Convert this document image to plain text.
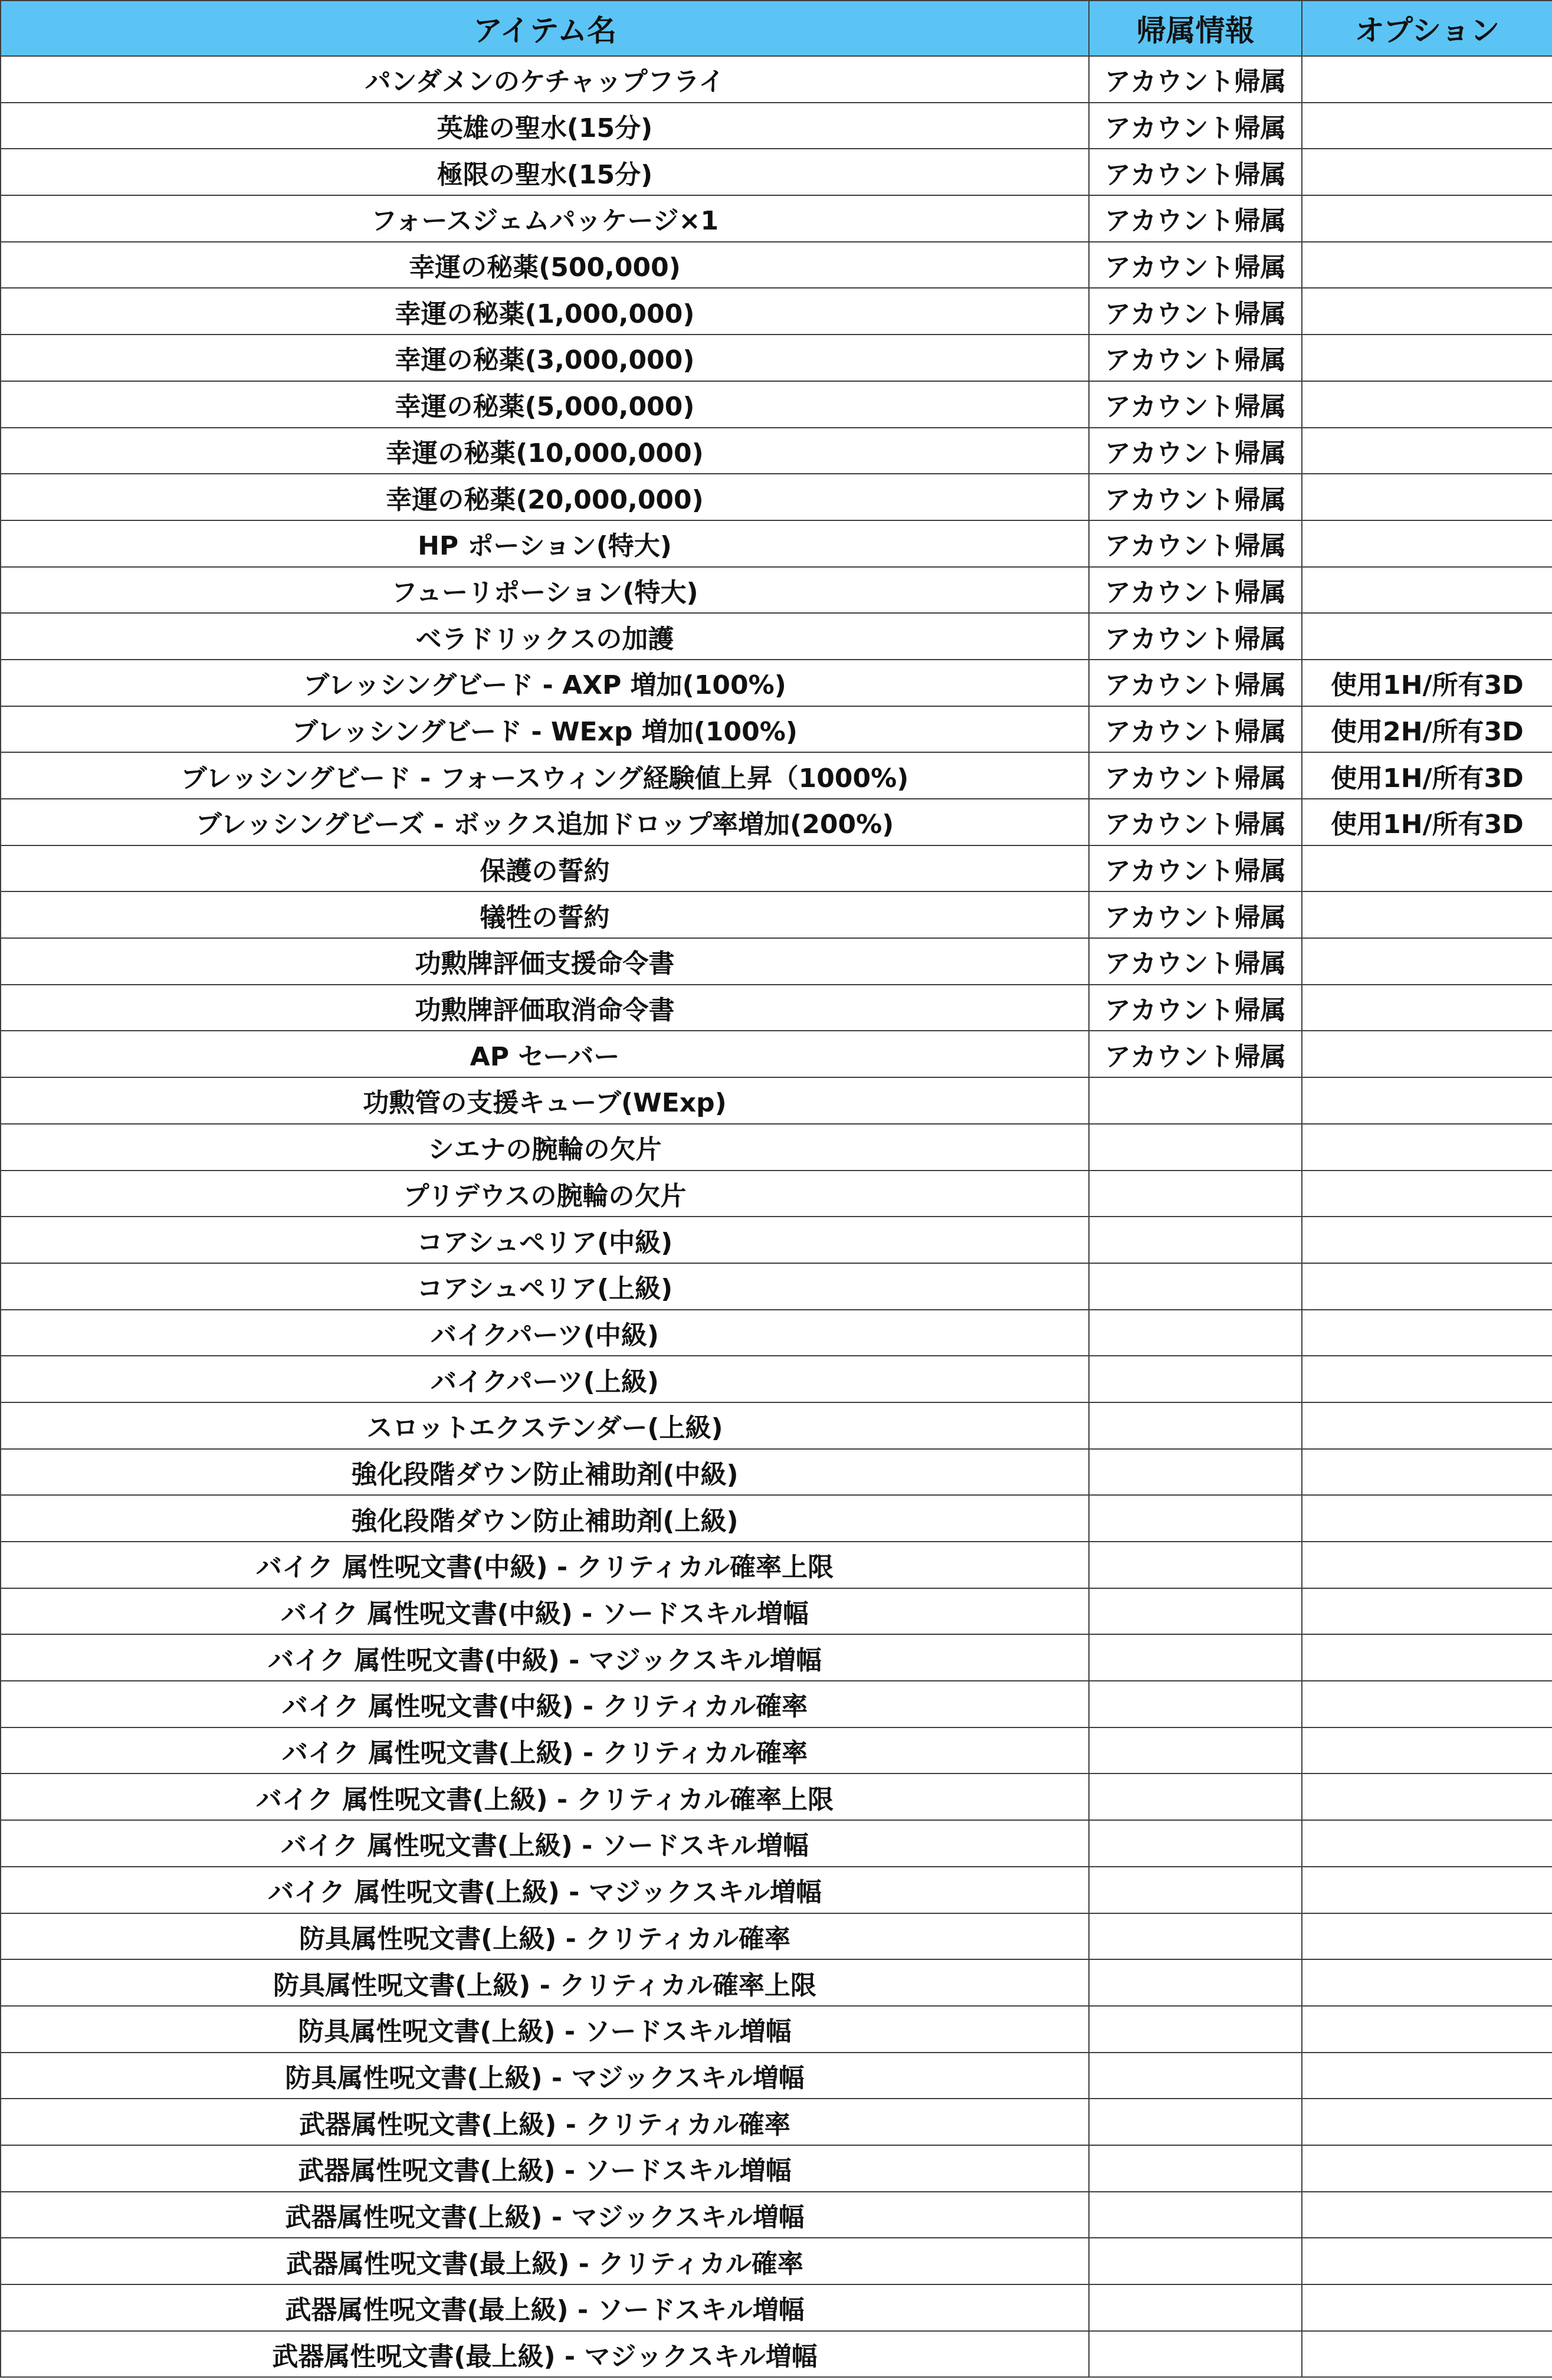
アイテム名	帰属情報	オプション
パンダメンのケチャップフライ	アカウント帰属	
英雄の聖水(15分)	アカウント帰属	
極限の聖水(15分)	アカウント帰属	
フォースジェムパッケージ×1	アカウント帰属	
幸運の秘薬(500,000)	アカウント帰属	
幸運の秘薬(1,000,000)	アカウント帰属	
幸運の秘薬(3,000,000)	アカウント帰属	
幸運の秘薬(5,000,000)	アカウント帰属	
幸運の秘薬(10,000,000)	アカウント帰属	
幸運の秘薬(20,000,000)	アカウント帰属	
HP ポーション(特大)	アカウント帰属	
フューリポーション(特大)	アカウント帰属	
ベラドリックスの加護	アカウント帰属	
ブレッシングビード - AXP 増加(100%)	アカウント帰属	使用1H/所有3D
ブレッシングビード - WExp 増加(100%)	アカウント帰属	使用2H/所有3D
ブレッシングビード - フォースウィング経験値上昇（1000%)	アカウント帰属	使用1H/所有3D
ブレッシングビーズ - ボックス追加ドロップ率増加(200%)	アカウント帰属	使用1H/所有3D
保護の誓約	アカウント帰属	
犠牲の誓約	アカウント帰属	
功勲牌評価支援命令書	アカウント帰属	
功勲牌評価取消命令書	アカウント帰属	
AP セーバー	アカウント帰属	
功勲管の支援キューブ(WExp)		
シエナの腕輪の欠片		
プリデウスの腕輪の欠片		
コアシュペリア(中級)		
コアシュペリア(上級)		
バイクパーツ(中級)		
バイクパーツ(上級)		
スロットエクステンダー(上級)		
強化段階ダウン防止補助剤(中級)		
強化段階ダウン防止補助剤(上級)		
バイク 属性呪文書(中級) - クリティカル確率上限		
バイク 属性呪文書(中級) - ソードスキル増幅		
バイク 属性呪文書(中級) - マジックスキル増幅		
バイク 属性呪文書(中級) - クリティカル確率		
バイク 属性呪文書(上級) - クリティカル確率		
バイク 属性呪文書(上級) - クリティカル確率上限		
バイク 属性呪文書(上級) - ソードスキル増幅		
バイク 属性呪文書(上級) - マジックスキル増幅		
防具属性呪文書(上級) - クリティカル確率		
防具属性呪文書(上級) - クリティカル確率上限		
防具属性呪文書(上級) - ソードスキル増幅		
防具属性呪文書(上級) - マジックスキル増幅		
武器属性呪文書(上級) - クリティカル確率		
武器属性呪文書(上級) - ソードスキル増幅		
武器属性呪文書(上級) - マジックスキル増幅		
武器属性呪文書(最上級) - クリティカル確率		
武器属性呪文書(最上級) - ソードスキル増幅		
武器属性呪文書(最上級) - マジックスキル増幅		
